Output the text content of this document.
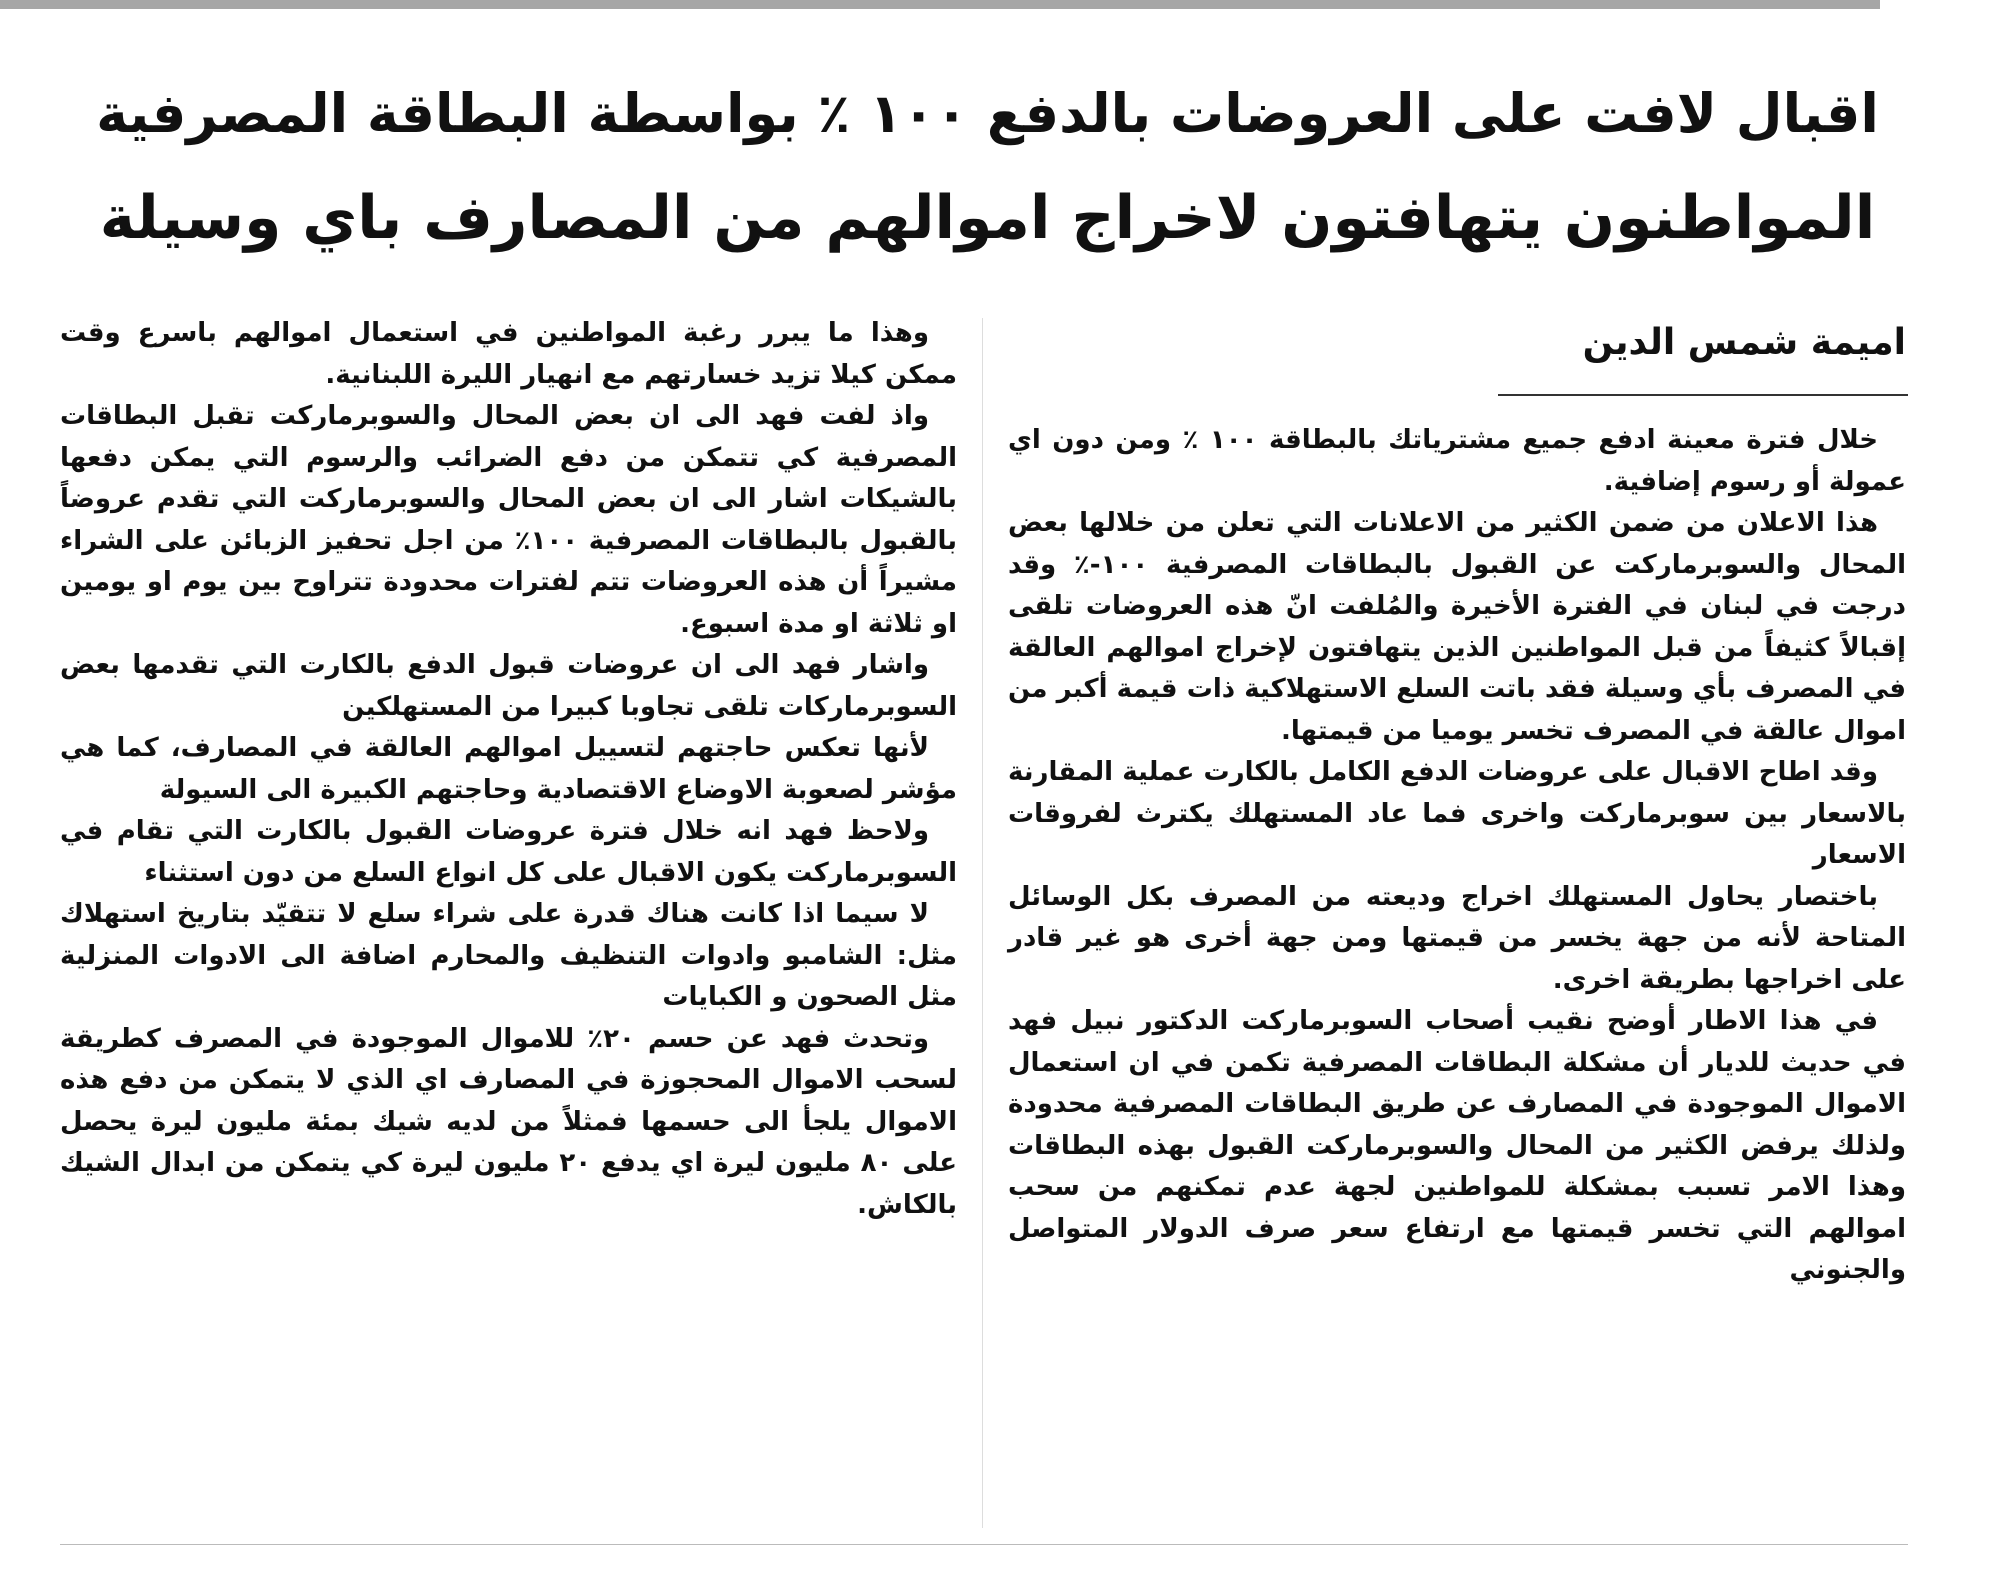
اقبال لافت على العروضات بالدفع ١٠٠ ٪ بواسطة البطاقة المصرفية
المواطنون يتهافتون لاخراج اموالهم من المصارف باي وسيلة
اميمة شمس الدين

خلال فترة معينة ادفع جميع مشترياتك بالبطاقة ١٠٠ ٪ ومن دون اي عمولة أو رسوم إضافية.

هذا الاعلان من ضمن الكثير من الاعلانات التي تعلن من خلالها بعض المحال والسوبرماركت عن القبول بالبطاقات المصرفية ١٠٠-٪ وقد درجت في لبنان في الفترة الأخيرة والمُلفت انّ هذه العروضات تلقى إقبالاً كثيفاً من قبل المواطنين الذين يتهافتون لإخراج اموالهم العالقة في المصرف بأي وسيلة فقد باتت السلع الاستهلاكية ذات قيمة أكبر من اموال عالقة في المصرف تخسر يوميا من قيمتها.

وقد اطاح الاقبال على عروضات الدفع الكامل بالكارت عملية المقارنة بالاسعار بين سوبرماركت واخرى فما عاد المستهلك يكترث لفروقات الاسعار

باختصار يحاول المستهلك اخراج وديعته من المصرف بكل الوسائل المتاحة لأنه من جهة يخسر من قيمتها ومن جهة أخرى هو غير قادر على اخراجها بطريقة اخرى.

في هذا الاطار أوضح نقيب أصحاب السوبرماركت الدكتور نبيل فهد في حديث للديار أن مشكلة البطاقات المصرفية تكمن في ان استعمال الاموال الموجودة في المصارف عن طريق البطاقات المصرفية محدودة ولذلك يرفض الكثير من المحال والسوبرماركت القبول بهذه البطاقات وهذا الامر تسبب بمشكلة للمواطنين لجهة عدم تمكنهم من سحب اموالهم التي تخسر قيمتها مع ارتفاع سعر صرف الدولار المتواصل والجنوني

وهذا ما يبرر رغبة المواطنين في استعمال اموالهم باسرع وقت ممكن كيلا تزيد خسارتهم مع انهيار الليرة اللبنانية.

واذ لفت فهد الى ان بعض المحال والسوبرماركت تقبل البطاقات المصرفية كي تتمكن من دفع الضرائب والرسوم التي يمكن دفعها بالشيكات اشار الى ان بعض المحال والسوبرماركت التي تقدم عروضاً بالقبول بالبطاقات المصرفية ١٠٠٪ من اجل تحفيز الزبائن على الشراء مشيراً أن هذه العروضات تتم لفترات محدودة تتراوح بين يوم او يومين او ثلاثة او مدة اسبوع.

واشار فهد الى ان عروضات قبول الدفع بالكارت التي تقدمها بعض السوبرماركات تلقى تجاوبا كبيرا من المستهلكين

لأنها تعكس حاجتهم لتسييل اموالهم العالقة في المصارف، كما هي مؤشر لصعوبة الاوضاع الاقتصادية وحاجتهم الكبيرة الى السيولة

ولاحظ فهد انه خلال فترة عروضات القبول بالكارت التي تقام في السوبرماركت يكون الاقبال على كل انواع السلع من دون استثناء

لا سيما اذا كانت هناك قدرة على شراء سلع لا تتقيّد بتاريخ استهلاك مثل: الشامبو وادوات التنظيف والمحارم اضافة الى الادوات المنزلية مثل الصحون و الكبايات

وتحدث فهد عن حسم ٢٠٪ للاموال الموجودة في المصرف كطريقة لسحب الاموال المحجوزة في المصارف اي الذي لا يتمكن من دفع هذه الاموال يلجأ الى حسمها فمثلاً من لديه شيك بمئة مليون ليرة يحصل على ٨٠ مليون ليرة اي يدفع ٢٠ مليون ليرة كي يتمكن من ابدال الشيك بالكاش.
